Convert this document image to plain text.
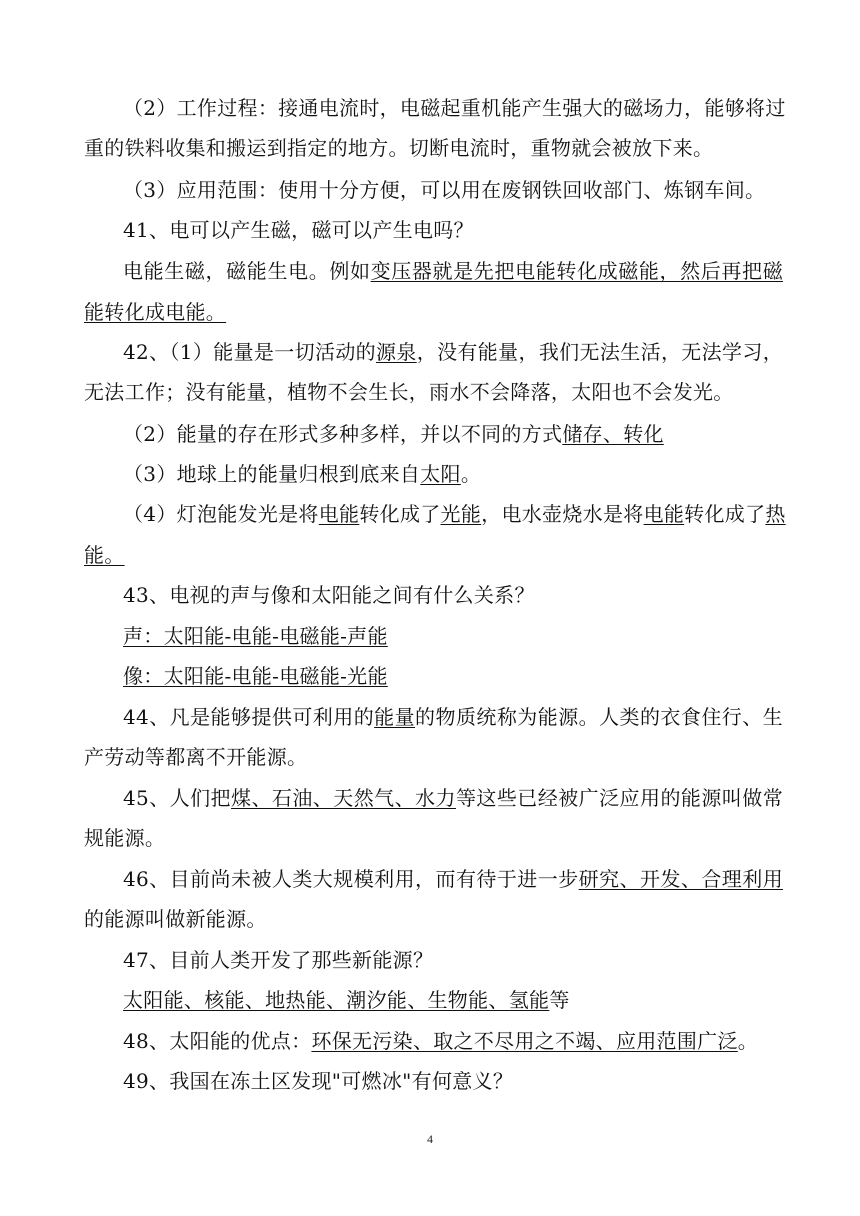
（2）工作过程：接通电流时，电磁起重机能产生强大的磁场力，能够将过
重的铁料收集和搬运到指定的地方。切断电流时，重物就会被放下来。
（3）应用范围：使用十分方便，可以用在废钢铁回收部门、炼钢车间。
41、电可以产生磁，磁可以产生电吗？
电能生磁，磁能生电。例如变压器就是先把电能转化成磁能，然后再把磁
能转化成电能。
42、（1）能量是一切活动的源泉，没有能量，我们无法生活，无法学习，
无法工作；没有能量，植物不会生长，雨水不会降落，太阳也不会发光。
（2）能量的存在形式多种多样，并以不同的方式储存、转化
（3）地球上的能量归根到底来自太阳。
（4）灯泡能发光是将电能转化成了光能，电水壶烧水是将电能转化成了热
能。
43、电视的声与像和太阳能之间有什么关系？
声：太阳能-电能-电磁能-声能
像：太阳能-电能-电磁能-光能
44、凡是能够提供可利用的能量的物质统称为能源。人类的衣食住行、生
产劳动等都离不开能源。
45、人们把煤、石油、天然气、水力等这些已经被广泛应用的能源叫做常
规能源。
46、目前尚未被人类大规模利用，而有待于进一步研究、开发、合理利用
的能源叫做新能源。
47、目前人类开发了那些新能源？
太阳能、核能、地热能、潮汐能、生物能、氢能等
48、太阳能的优点：环保无污染、取之不尽用之不竭、应用范围广泛。
49、我国在冻土区发现"可燃冰"有何意义？
4
